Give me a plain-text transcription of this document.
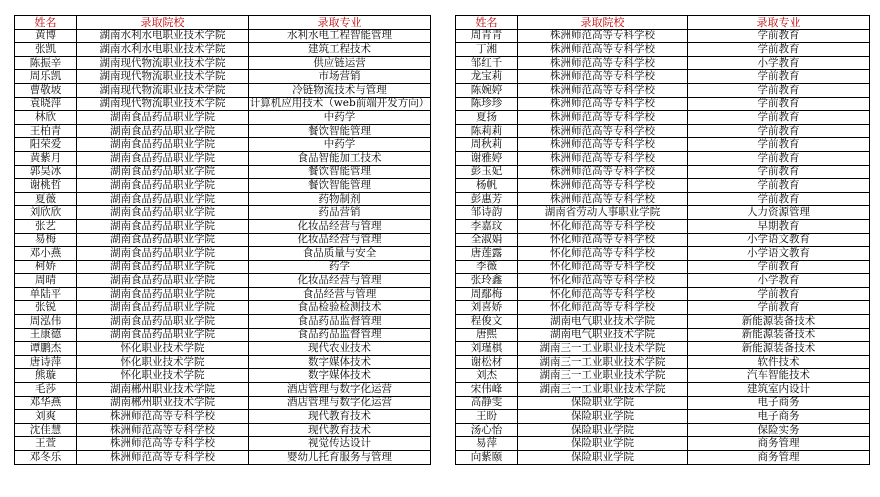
姓名	录取院校	录取专业
黄博	湖南水利水电职业技术学院	水利水电工程智能管理
张凯	湖南水利水电职业技术学院	建筑工程技术
陈振辛	湖南现代物流职业技术学院	供应链运营
周乐凯	湖南现代物流职业技术学院	市场营销
曹敬坡	湖南现代物流职业技术学院	冷链物流技术与管理
袁晓萍	湖南现代物流职业技术学院	计算机应用技术（web前端开发方向）
林欣	湖南食品药品职业学院	中药学
王柏青	湖南食品药品职业学院	餐饮智能管理
阳荣爱	湖南食品药品职业学院	中药学
黄紫月	湖南食品药品职业学院	食品智能加工技术
郭昊冰	湖南食品药品职业学院	餐饮智能管理
谢桃哲	湖南食品药品职业学院	餐饮智能管理
夏薇	湖南食品药品职业学院	药物制剂
刘欣欣	湖南食品药品职业学院	药品营销
张艺	湖南食品药品职业学院	化妆品经营与管理
易梅	湖南食品药品职业学院	化妆品经营与管理
邓小燕	湖南食品药品职业学院	食品质量与安全
柯娇	湖南食品药品职业学院	药学
周晴	湖南食品药品职业学院	化妆品经营与管理
单陆平	湖南食品药品职业学院	食品经营与管理
张锐	湖南食品药品职业学院	食品检验检测技术
周泓伟	湖南食品药品职业学院	食品药品监督管理
王康德	湖南食品药品职业学院	食品药品监督管理
谭鹏杰	怀化职业技术学院	现代农业技术
唐诗萍	怀化职业技术学院	数字媒体技术
熊璇	怀化职业技术学院	数字媒体技术
毛莎	湖南郴州职业技术学院	酒店管理与数字化运营
邓华燕	湖南郴州职业技术学院	酒店管理与数字化运营
刘爽	株洲师范高等专科学校	现代教育技术
沈佳慧	株洲师范高等专科学校	现代教育技术
王萱	株洲师范高等专科学校	视觉传达设计
邓冬乐	株洲师范高等专科学校	婴幼儿托育服务与管理
姓名	录取院校	录取专业
周青青	株洲师范高等专科学校	学前教育
丁湘	株洲师范高等专科学校	学前教育
邹红千	株洲师范高等专科学校	小学教育
龙宝莉	株洲师范高等专科学校	学前教育
陈婉婷	株洲师范高等专科学校	学前教育
陈珍珍	株洲师范高等专科学校	学前教育
夏扬	株洲师范高等专科学校	学前教育
陈莉莉	株洲师范高等专科学校	学前教育
周秋莉	株洲师范高等专科学校	学前教育
谢雅婷	株洲师范高等专科学校	学前教育
彭玉妃	株洲师范高等专科学校	学前教育
杨帆	株洲师范高等专科学校	学前教育
彭惠芳	株洲师范高等专科学校	学前教育
邹诗韵	湖南省劳动人事职业学院	人力资源管理
李嘉玟	怀化师范高等专科学校	早期教育
全淑娟	怀化师范高等专科学校	小学语文教育
唐莲露	怀化师范高等专科学校	小学语文教育
李薇	怀化师范高等专科学校	学前教育
张玲鑫	怀化师范高等专科学校	小学教育
周鄢梅	怀化师范高等专科学校	学前教育
刘喜娇	怀化师范高等专科学校	学前教育
程俊文	湖南电气职业技术学院	新能源装备技术
唐熙	湖南电气职业技术学院	新能源装备技术
刘瑾棋	湖南三一工业职业技术学院	新能源装备技术
谢松材	湖南三一工业职业技术学院	软件技术
刘杰	湖南三一工业职业技术学院	汽车智能技术
宋伟峰	湖南三一工业职业技术学院	建筑室内设计
高静雯	保险职业学院	电子商务
王盼	保险职业学院	电子商务
汤心怡	保险职业学院	保险实务
易萍	保险职业学院	商务管理
向紫颐	保险职业学院	商务管理
